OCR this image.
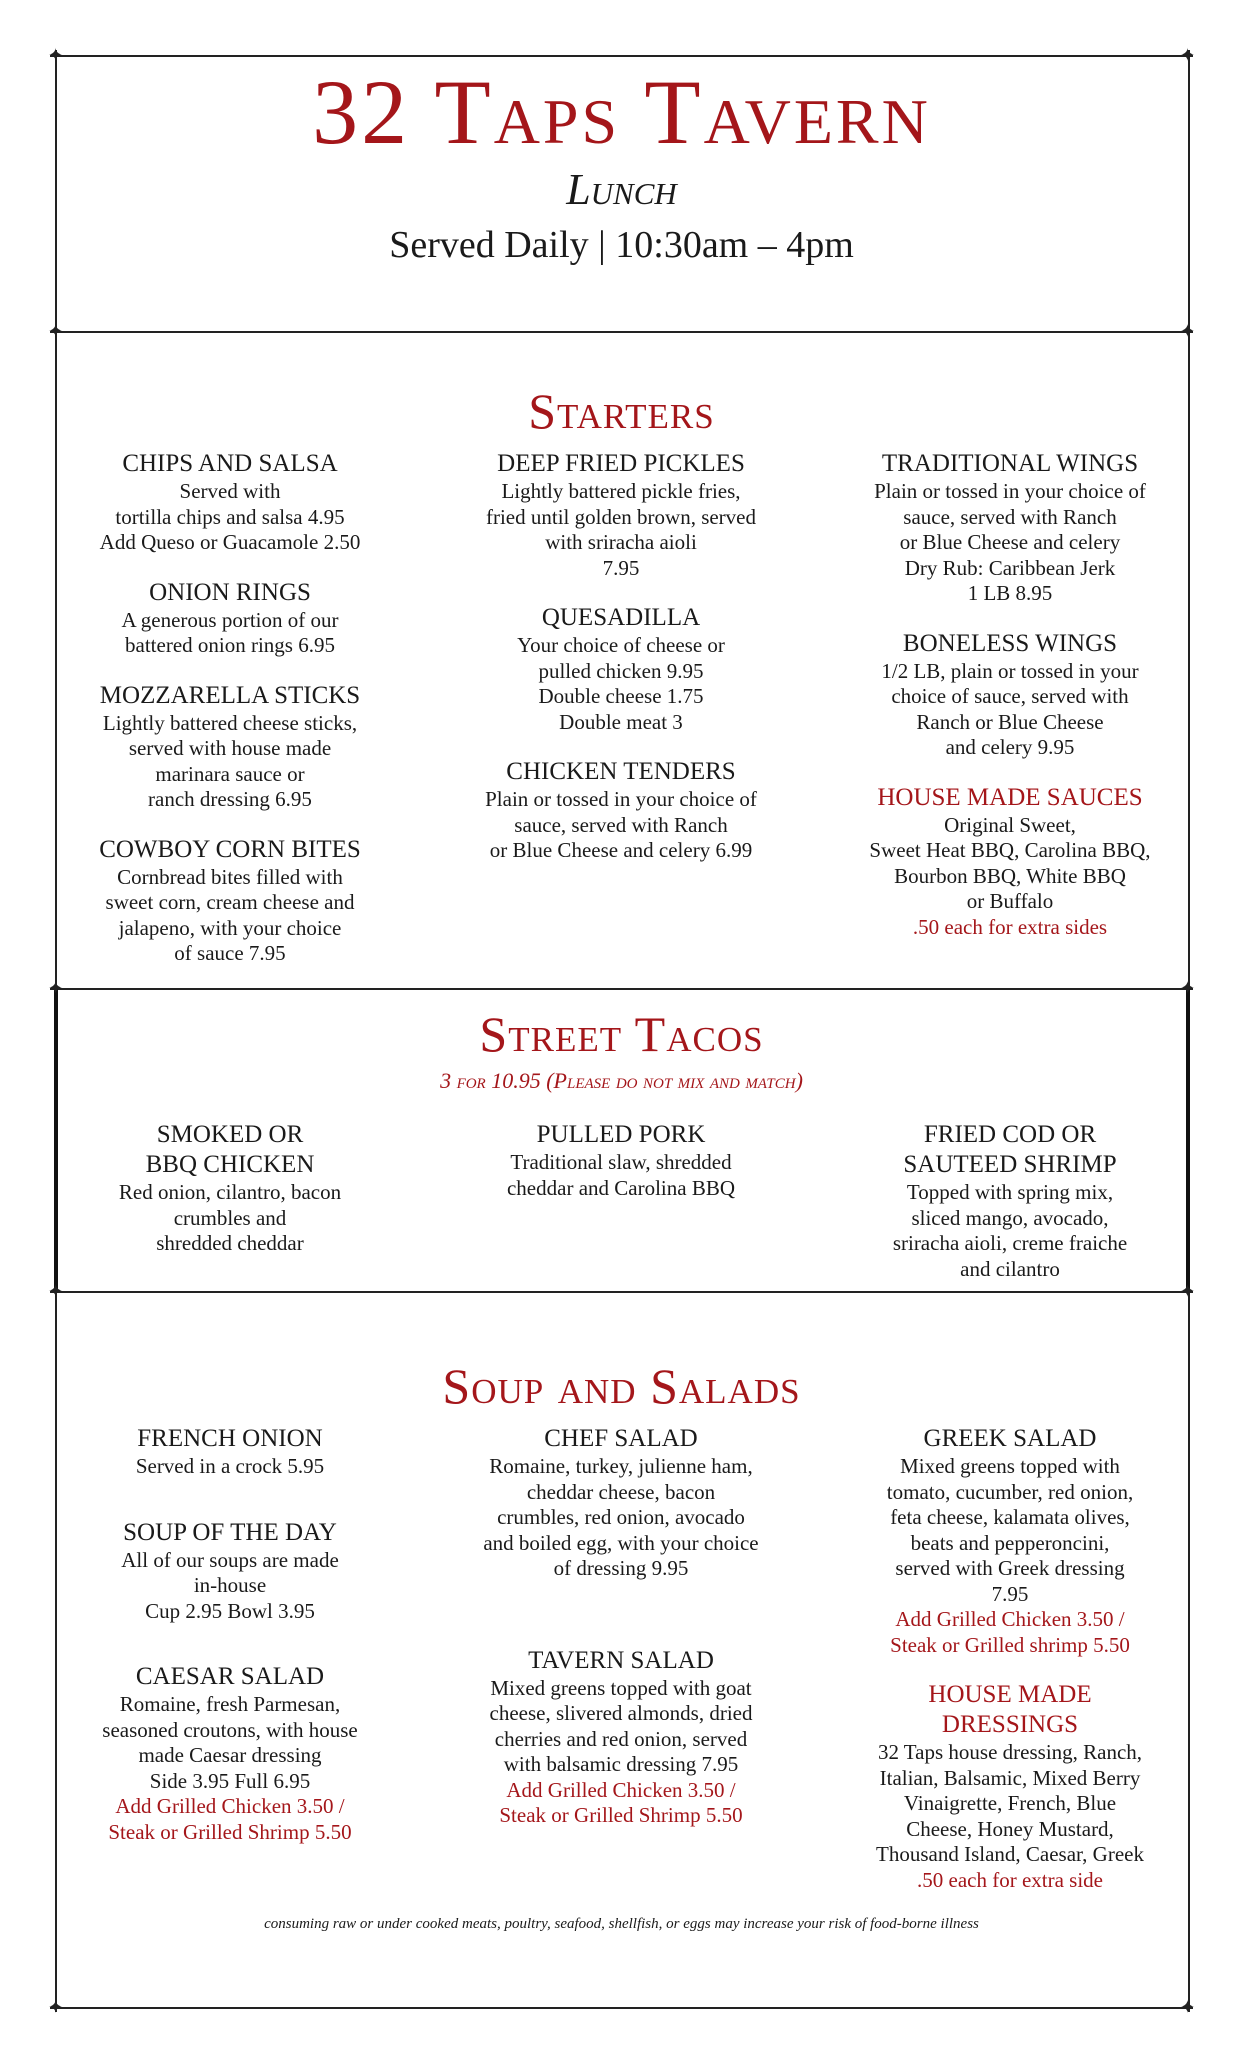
✦	✦
✦	✦
✦	✦
✦	✦
✦	✦
32 Taps Tavern
Lunch
Served Daily | 10:30am – 4pm
Starters
CHIPS AND SALSA
Served with
tortilla chips and salsa 4.95
Add Queso or Guacamole 2.50
ONION RINGS
A generous portion of our
battered onion rings 6.95
MOZZARELLA STICKS
Lightly battered cheese sticks,
served with house made
marinara sauce or
ranch dressing 6.95
COWBOY CORN BITES
Cornbread bites filled with
sweet corn, cream cheese and
jalapeno, with your choice
of sauce 7.95
DEEP FRIED PICKLES
Lightly battered pickle fries,
fried until golden brown, served
with sriracha aioli
7.95
QUESADILLA
Your choice of cheese or
pulled chicken 9.95
Double cheese 1.75
Double meat 3
CHICKEN TENDERS
Plain or tossed in your choice of
sauce, served with Ranch
or Blue Cheese and celery 6.99
TRADITIONAL WINGS
Plain or tossed in your choice of
sauce, served with Ranch
or Blue Cheese and celery
Dry Rub: Caribbean Jerk
1 LB 8.95
BONELESS WINGS
1/2 LB, plain or tossed in your
choice of sauce, served with
Ranch or Blue Cheese
and celery 9.95
HOUSE MADE SAUCES
Original Sweet,
Sweet Heat BBQ, Carolina BBQ,
Bourbon BBQ, White BBQ
or Buffalo
.50 each for extra sides
Street Tacos
3 for 10.95 (Please do not mix and match)
SMOKED OR
BBQ CHICKEN
Red onion, cilantro, bacon
crumbles and
shredded cheddar
PULLED PORK
Traditional slaw, shredded
cheddar and Carolina BBQ
FRIED COD OR
SAUTEED SHRIMP
Topped with spring mix,
sliced mango, avocado,
sriracha aioli, creme fraiche
and cilantro
Soup and Salads
FRENCH ONION
Served in a crock 5.95
SOUP OF THE DAY
All of our soups are made
in-house
Cup 2.95 Bowl 3.95
CAESAR SALAD
Romaine, fresh Parmesan,
seasoned croutons, with house
made Caesar dressing
Side 3.95 Full 6.95
Add Grilled Chicken 3.50 /
Steak or Grilled Shrimp 5.50
CHEF SALAD
Romaine, turkey, julienne ham,
cheddar cheese, bacon
crumbles, red onion, avocado
and boiled egg, with your choice
of dressing 9.95
TAVERN SALAD
Mixed greens topped with goat
cheese, slivered almonds, dried
cherries and red onion, served
with balsamic dressing 7.95
Add Grilled Chicken 3.50 /
Steak or Grilled Shrimp 5.50
GREEK SALAD
Mixed greens topped with
tomato, cucumber, red onion,
feta cheese, kalamata olives,
beats and pepperoncini,
served with Greek dressing
7.95
Add Grilled Chicken 3.50 /
Steak or Grilled shrimp 5.50
HOUSE MADE
DRESSINGS
32 Taps house dressing, Ranch,
Italian, Balsamic, Mixed Berry
Vinaigrette, French, Blue
Cheese, Honey Mustard,
Thousand Island, Caesar, Greek
.50 each for extra side
consuming raw or under cooked meats, poultry, seafood, shellfish, or eggs may increase your risk of food-borne illness
